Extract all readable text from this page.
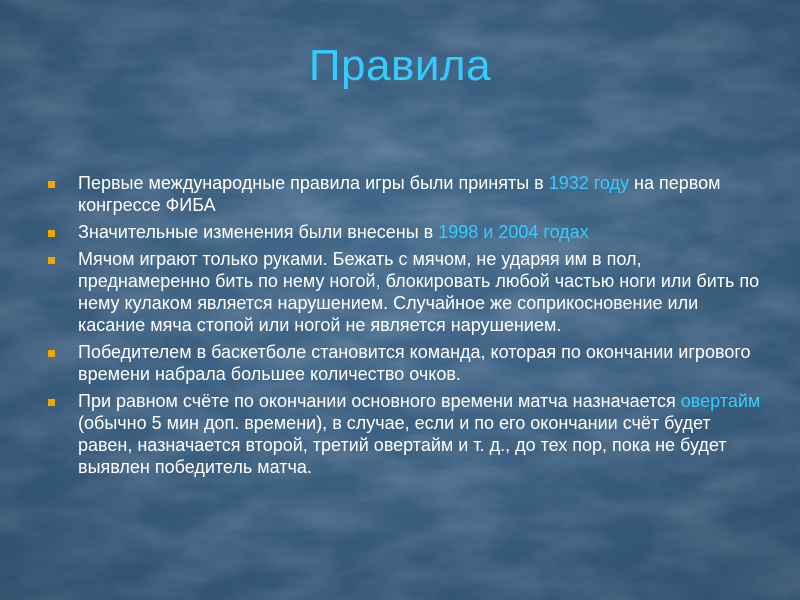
Правила
Первые международные правила игры были приняты в 1932 году на первом конгрессе ФИБА
Значительные изменения были внесены в 1998 и 2004 годах
Мячом играют только руками. Бежать с мячом, не ударяя им в пол, преднамеренно бить по нему ногой, блокировать любой частью ноги или бить по нему кулаком является нарушением. Случайное же соприкосновение или касание мяча стопой или ногой не является нарушением.
Победителем в баскетболе становится команда, которая по окончании игрового времени набрала большее количество очков.
При равном счёте по окончании основного времени матча назначается овертайм (обычно 5 мин доп. времени), в случае, если и по его окончании счёт будет равен, назначается второй, третий овертайм и т. д., до тех пор, пока не будет выявлен победитель матча.
